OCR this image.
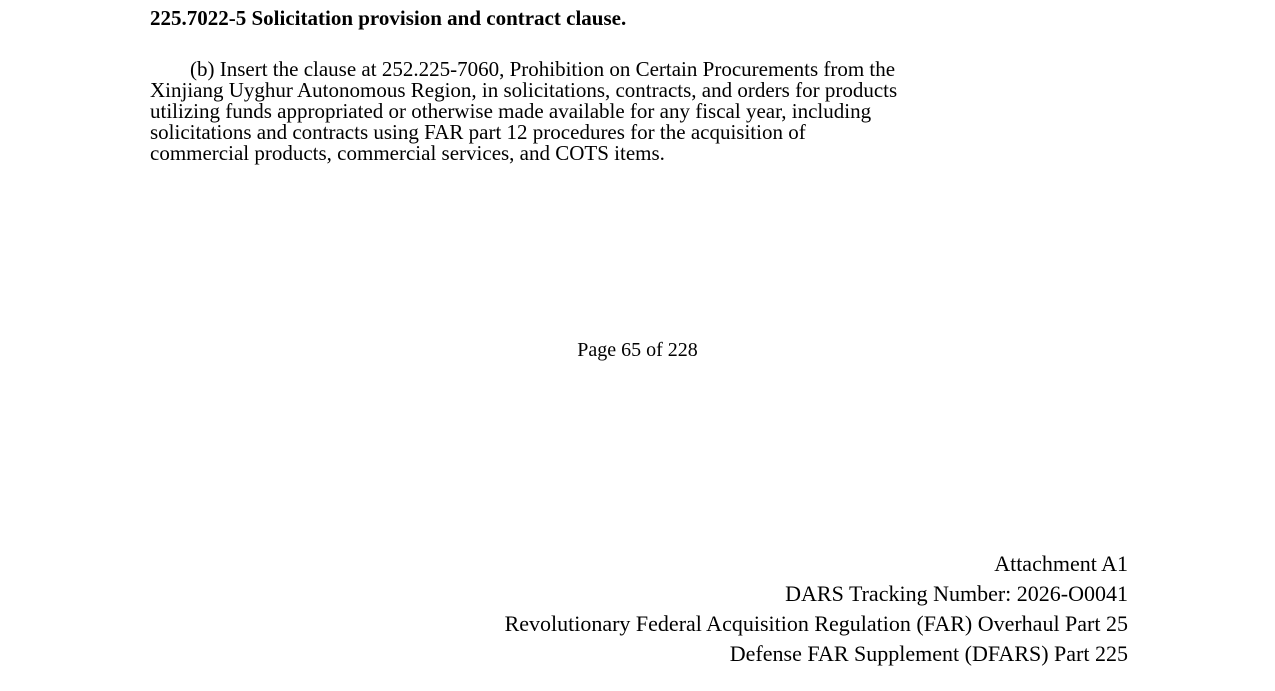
225.7022-5 Solicitation provision and contract clause.
(b) Insert the clause at 252.225-7060, Prohibition on Certain Procurements from the
Xinjiang Uyghur Autonomous Region, in solicitations, contracts, and orders for products
utilizing funds appropriated or otherwise made available for any fiscal year, including
solicitations and contracts using FAR part 12 procedures for the acquisition of
commercial products, commercial services, and COTS items.
Page 65 of 228
Attachment A1
DARS Tracking Number: 2026-O0041
Revolutionary Federal Acquisition Regulation (FAR) Overhaul Part 25
Defense FAR Supplement (DFARS) Part 225
